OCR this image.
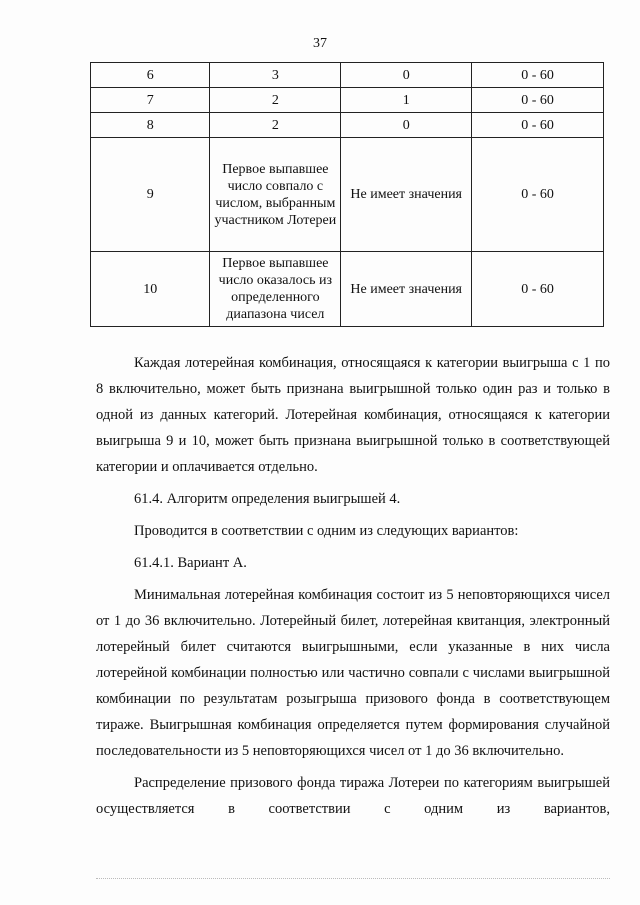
37
6	3	0	0 - 60
7	2	1	0 - 60
8	2	0	0 - 60
9	Первое выпавшее число совпало с числом, выбранным участником Лотереи	Не имеет значения	0 - 60
10	Первое выпавшее число оказалось из определенного диапазона чисел	Не имеет значения	0 - 60

Каждая лотерейная комбинация, относящаяся к категории выигрыша с 1 по 8 включительно, может быть признана выигрышной только один раз и только в одной из данных категорий. Лотерейная комбинация, относящаяся к категории выигрыша 9 и 10, может быть признана выигрышной только в соответствующей категории и оплачивается отдельно.

61.4. Алгоритм определения выигрышей 4.

Проводится в соответствии с одним из следующих вариантов:

61.4.1. Вариант А.

Минимальная лотерейная комбинация состоит из 5 неповторяющихся чисел от 1 до 36 включительно. Лотерейный билет, лотерейная квитанция, электронный лотерейный билет считаются выигрышными, если указанные в них числа лотерейной комбинации полностью или частично совпали с числами выигрышной комбинации по результатам розыгрыша призового фонда в соответствующем тираже. Выигрышная комбинация определяется путем формирования случайной последовательности из 5 неповторяющихся чисел от 1 до 36 включительно.

Распределение призового фонда тиража Лотереи по категориям выигрышей осуществляется в соответствии с одним из вариантов,
